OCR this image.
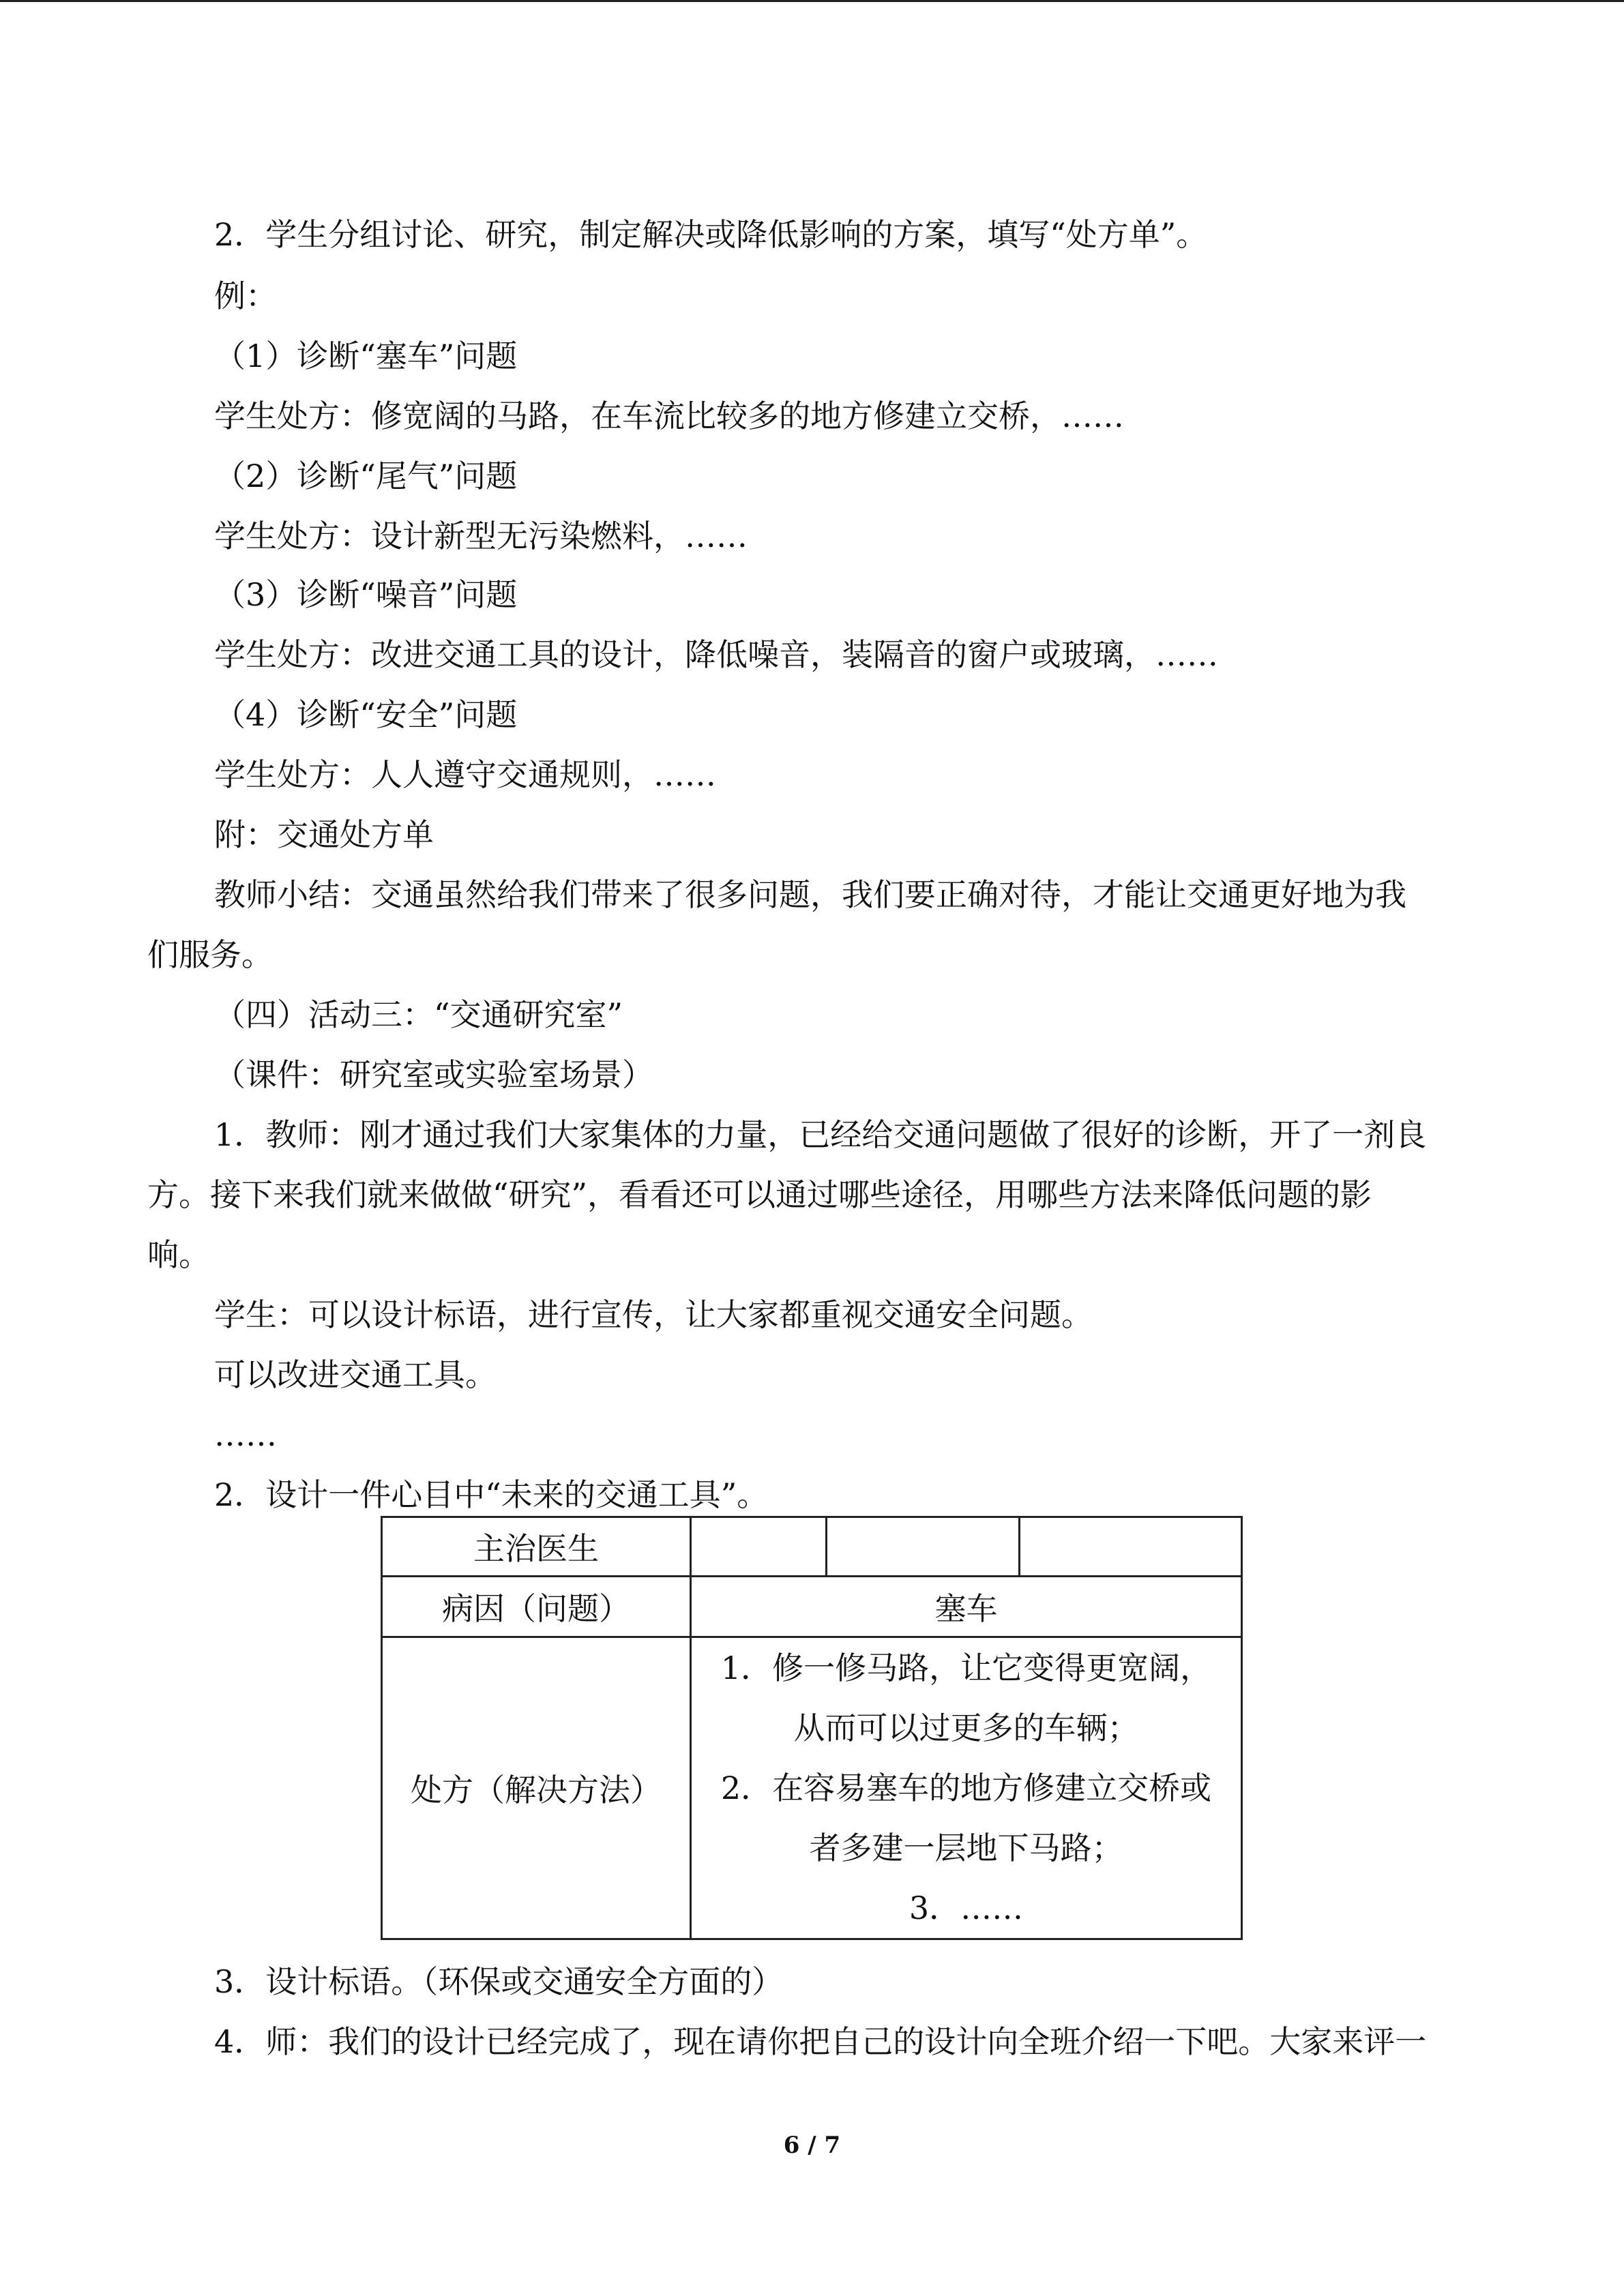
2．学生分组讨论、研究，制定解决或降低影响的方案，填写“处方单”。
例：
（1）诊断“塞车”问题
学生处方：修宽阔的马路，在车流比较多的地方修建立交桥，……
（2）诊断“尾气”问题
学生处方：设计新型无污染燃料，……
（3）诊断“噪音”问题
学生处方：改进交通工具的设计，降低噪音，装隔音的窗户或玻璃，……
（4）诊断“安全”问题
学生处方：人人遵守交通规则，……
附：交通处方单
教师小结：交通虽然给我们带来了很多问题，我们要正确对待，才能让交通更好地为我
们服务。
（四）活动三：“交通研究室”
（课件：研究室或实验室场景）
1．教师：刚才通过我们大家集体的力量，已经给交通问题做了很好的诊断，开了一剂良
方。接下来我们就来做做“研究”，看看还可以通过哪些途径，用哪些方法来降低问题的影
响。
学生：可以设计标语，进行宣传，让大家都重视交通安全问题。
可以改进交通工具。
……
2．设计一件心目中“未来的交通工具”。
主治医生			
病因（问题）	塞车		
处方（解决方法）	1．修一修马路，让它变得更宽阔，
从而可以过更多的车辆；
2．在容易塞车的地方修建立交桥或
者多建一层地下马路；
3．……		
3．设计标语。（环保或交通安全方面的）
4．师：我们的设计已经完成了，现在请你把自己的设计向全班介绍一下吧。大家来评一
6 / 7
